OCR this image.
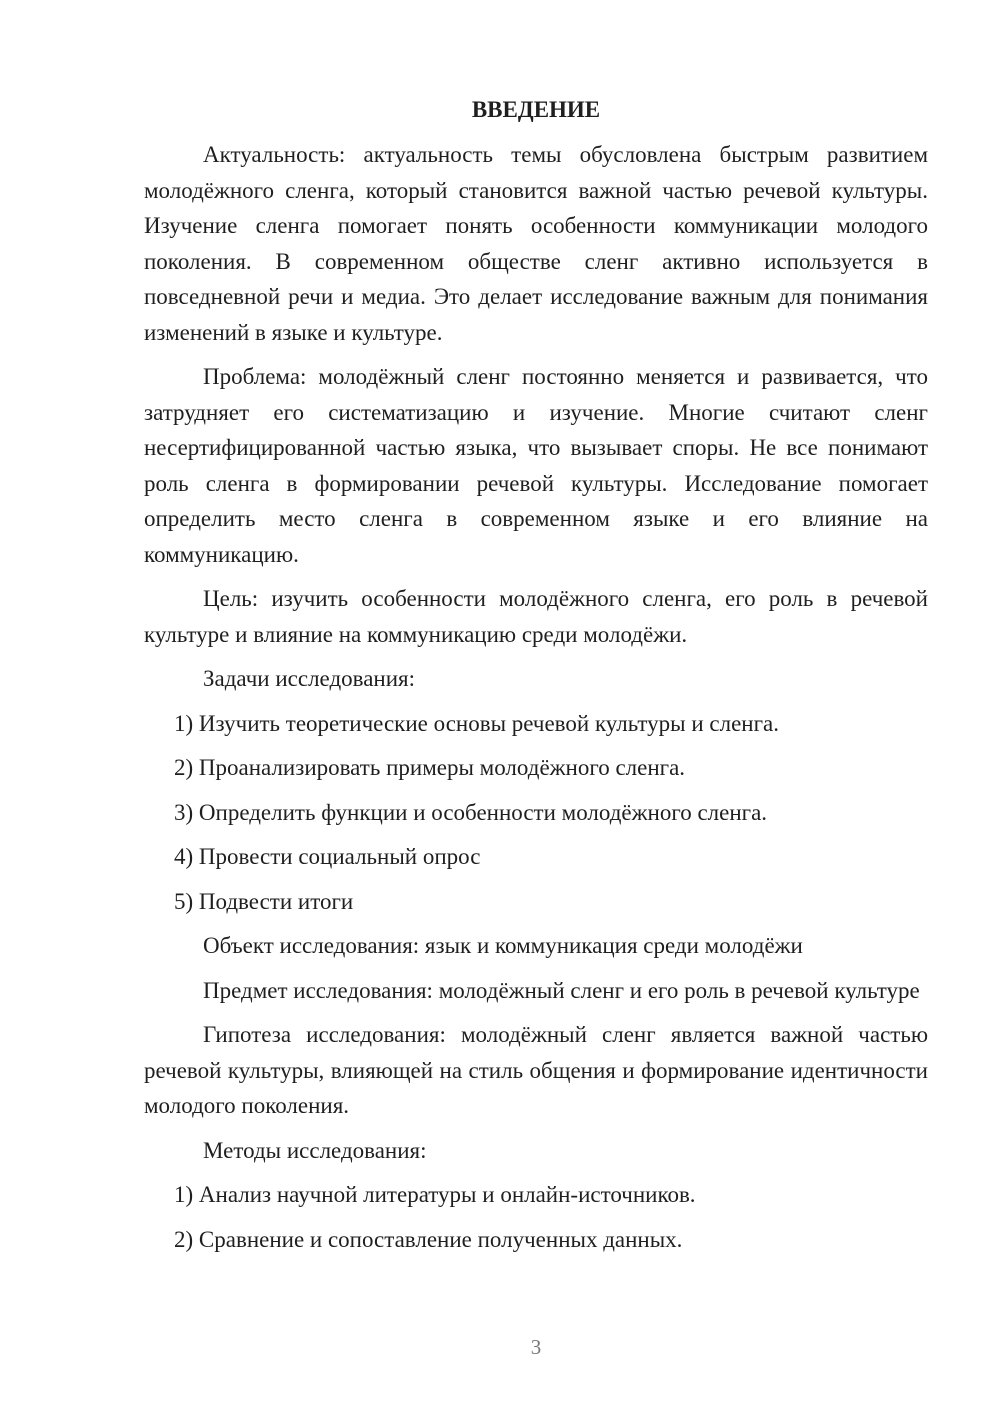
ВВЕДЕНИЕ

Актуальность: актуальность темы обусловлена быстрым развитием молодёжного сленга, который становится важной частью речевой культуры. Изучение сленга помогает понять особенности коммуникации молодого поколения. В современном обществе сленг активно используется в повседневной речи и медиа. Это делает исследование важным для понимания изменений в языке и культуре.

Проблема: молодёжный сленг постоянно меняется и развивается, что затрудняет его систематизацию и изучение. Многие считают сленг несертифицированной частью языка, что вызывает споры. Не все понимают роль сленга в формировании речевой культуры. Исследование помогает определить место сленга в современном языке и его влияние на коммуникацию.

Цель: изучить особенности молодёжного сленга, его роль в речевой культуре и влияние на коммуникацию среди молодёжи.

Задачи исследования:

1) Изучить теоретические основы речевой культуры и сленга.

2) Проанализировать примеры молодёжного сленга.

3) Определить функции и особенности молодёжного сленга.

4) Провести социальный опрос

5) Подвести итоги

Объект исследования: язык и коммуникация среди молодёжи

Предмет исследования: молодёжный сленг и его роль в речевой культуре

Гипотеза исследования: молодёжный сленг является важной частью речевой культуры, влияющей на стиль общения и формирование идентичности молодого поколения.

Методы исследования:

1) Анализ научной литературы и онлайн-источников.

2) Сравнение и сопоставление полученных данных.

3
